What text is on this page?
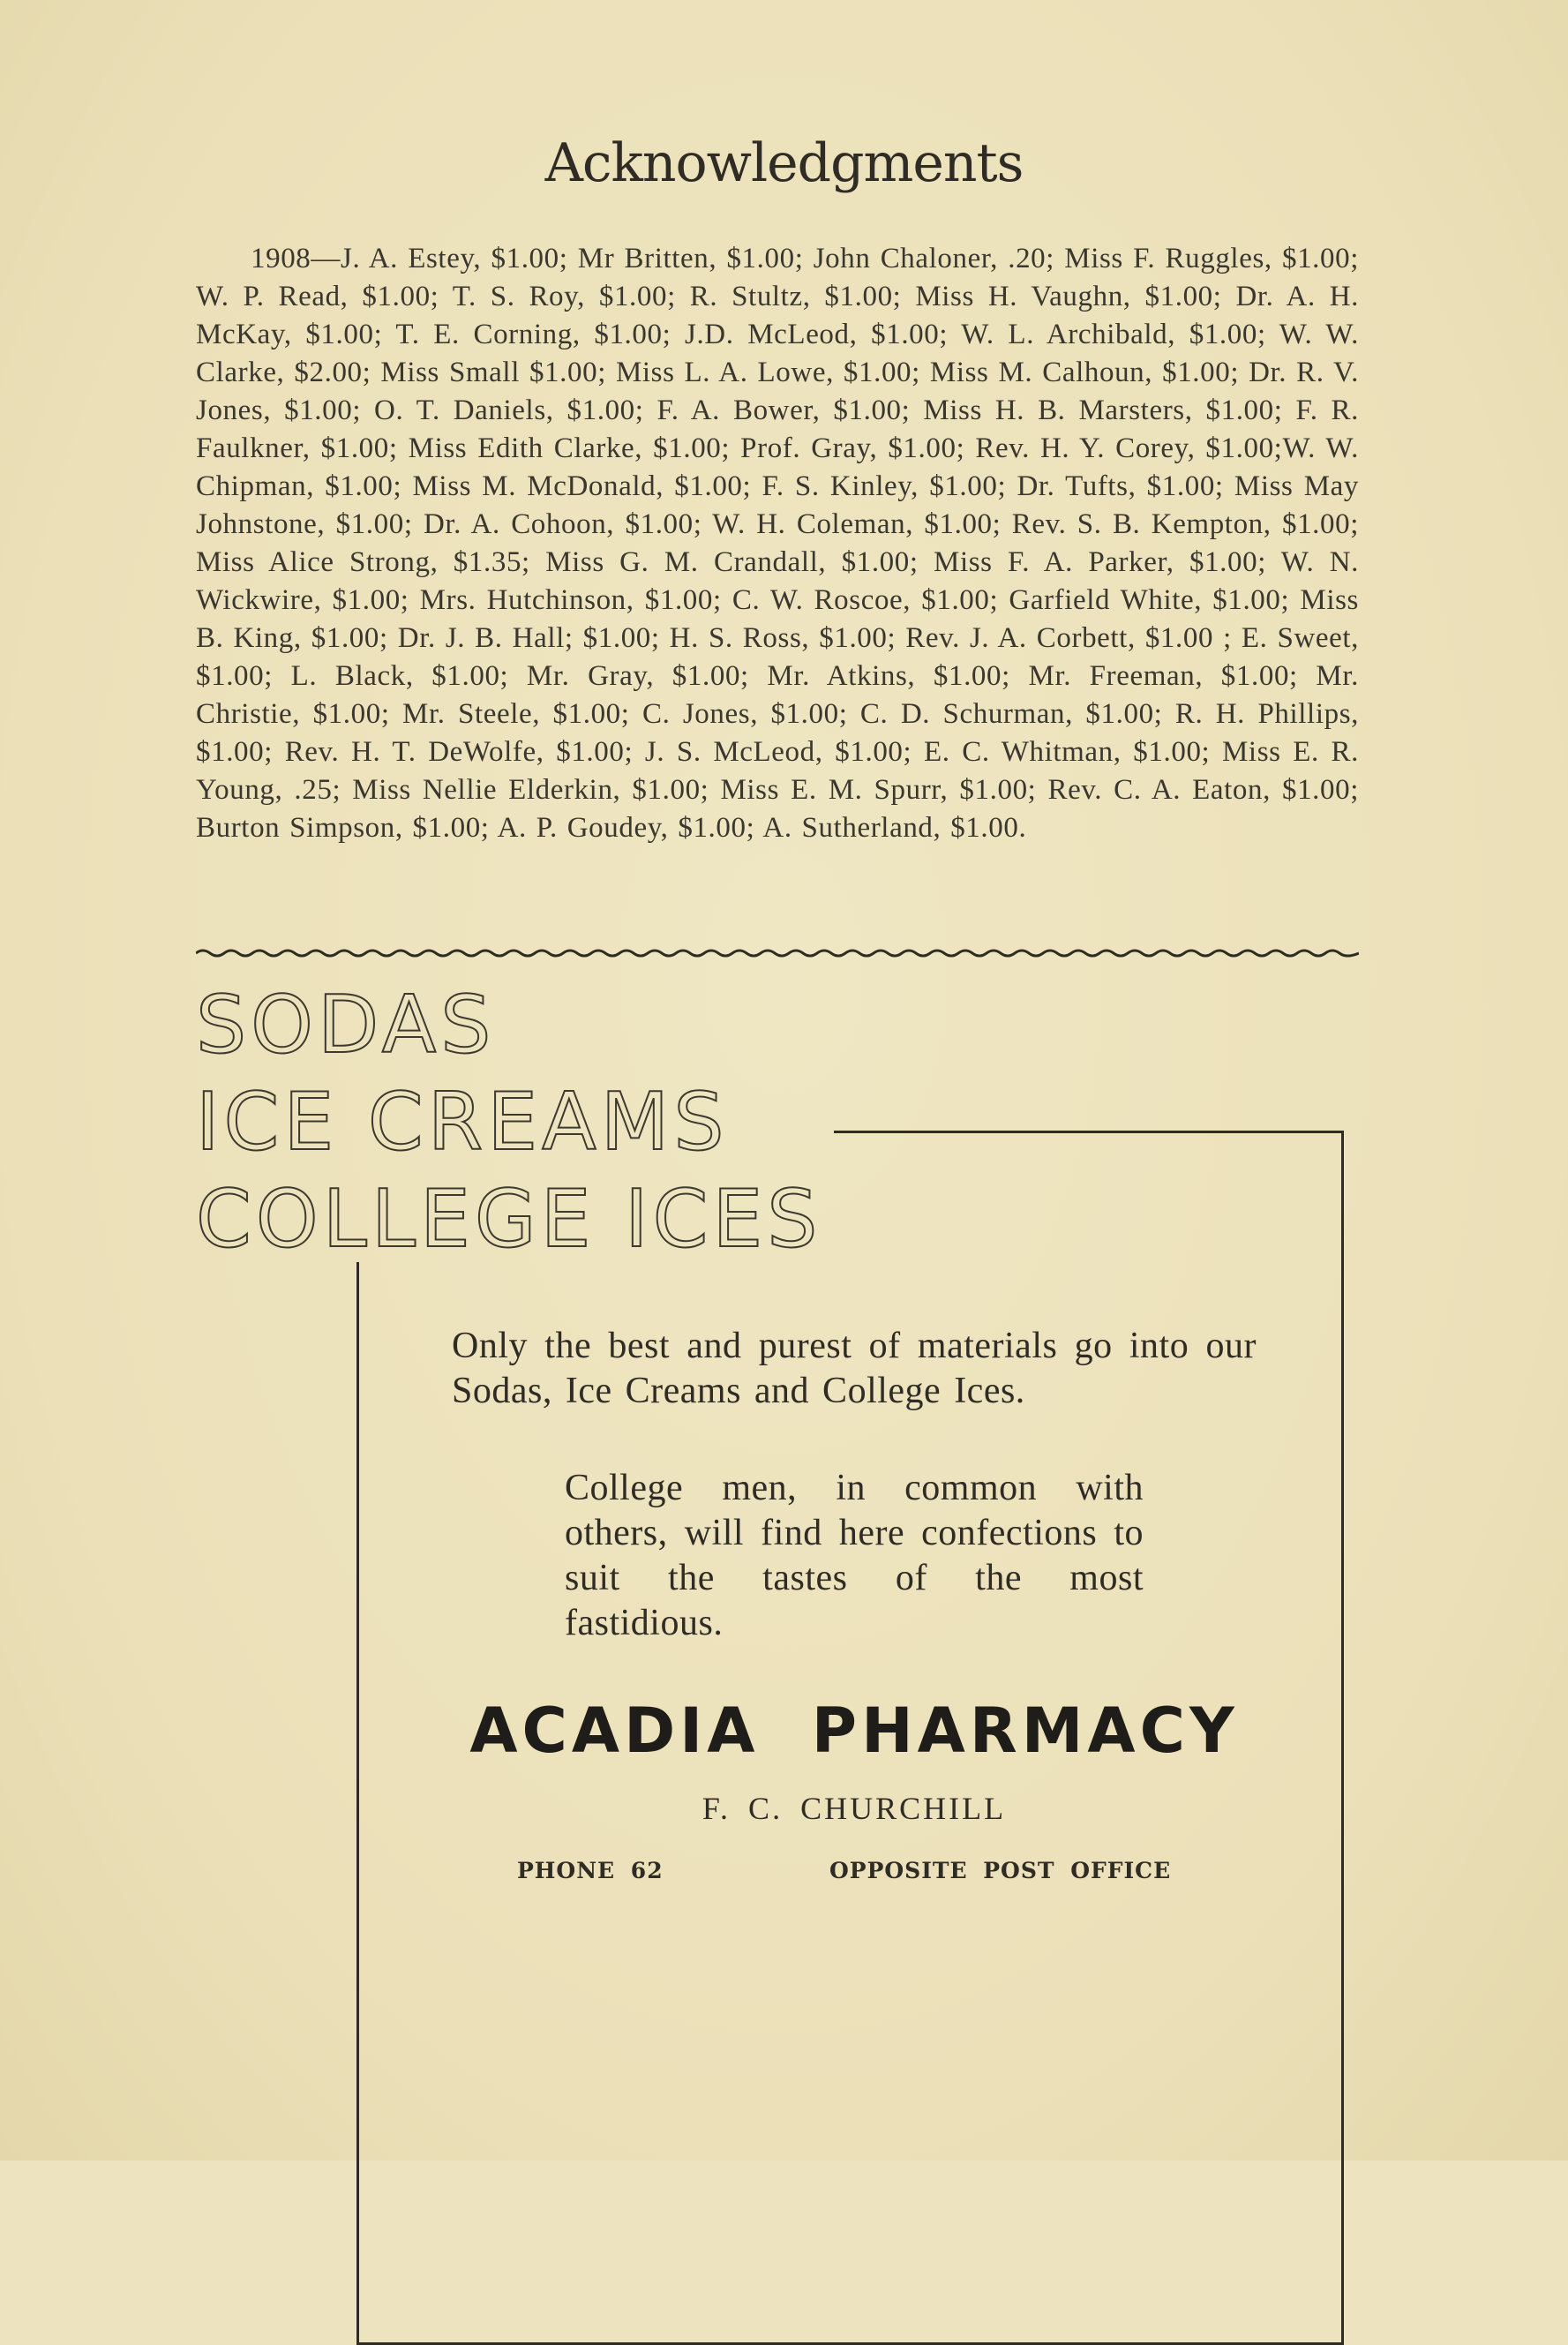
Acknowledgments
1908—J. A. Estey, $1.00; Mr Britten, $1.00; John Chaloner, .20; Miss F. Ruggles, $1.00; W. P. Read, $1.00; T. S. Roy, $1.00; R. Stultz, $1.00; Miss H. Vaughn, $1.00; Dr. A. H. McKay, $1.00; T. E. Corning, $1.00; J.D. McLeod, $1.00; W. L. Archibald, $1.00; W. W. Clarke, $2.00; Miss Small $1.00; Miss L. A. Lowe, $1.00; Miss M. Calhoun, $1.00; Dr. R. V. Jones, $1.00; O. T. Daniels, $1.00; F. A. Bower, $1.00; Miss H. B. Marsters, $1.00; F. R. Faulkner, $1.00; Miss Edith Clarke, $1.00; Prof. Gray, $1.00; Rev. H. Y. Corey, $1.00;W. W. Chipman, $1.00; Miss M. McDonald, $1.00; F. S. Kinley, $1.00; Dr. Tufts, $1.00; Miss May Johnstone, $1.00; Dr. A. Cohoon, $1.00; W. H. Coleman, $1.00; Rev. S. B. Kempton, $1.00; Miss Alice Strong, $1.35; Miss G. M. Crandall, $1.00; Miss F. A. Parker, $1.00; W. N. Wickwire, $1.00; Mrs. Hutchinson, $1.00; C. W. Roscoe, $1.00; Garfield White, $1.00; Miss B. King, $1.00; Dr. J. B. Hall; $1.00; H. S. Ross, $1.00; Rev. J. A. Corbett, $1.00 ; E. Sweet, $1.00; L. Black, $1.00; Mr. Gray, $1.00; Mr. Atkins, $1.00; Mr. Freeman, $1.00; Mr. Christie, $1.00; Mr. Steele, $1.00; C. Jones, $1.00; C. D. Schurman, $1.00; R. H. Phillips, $1.00; Rev. H. T. DeWolfe, $1.00; J. S. McLeod, $1.00; E. C. Whitman, $1.00; Miss E. R. Young, .25; Miss Nellie Elderkin, $1.00; Miss E. M. Spurr, $1.00; Rev. C. A. Eaton, $1.00; Burton Simpson, $1.00; A. P. Goudey, $1.00; A. Sutherland, $1.00.
SODAS
ICE CREAMS
COLLEGE ICES
Only the best and purest of materials go into our Sodas, Ice Creams and College Ices.
College men, in common with others, will find here confections to suit the tastes of the most fastidious.
ACADIA PHARMACY
F. C. CHURCHILL
PHONE 62	OPPOSITE POST OFFICE
